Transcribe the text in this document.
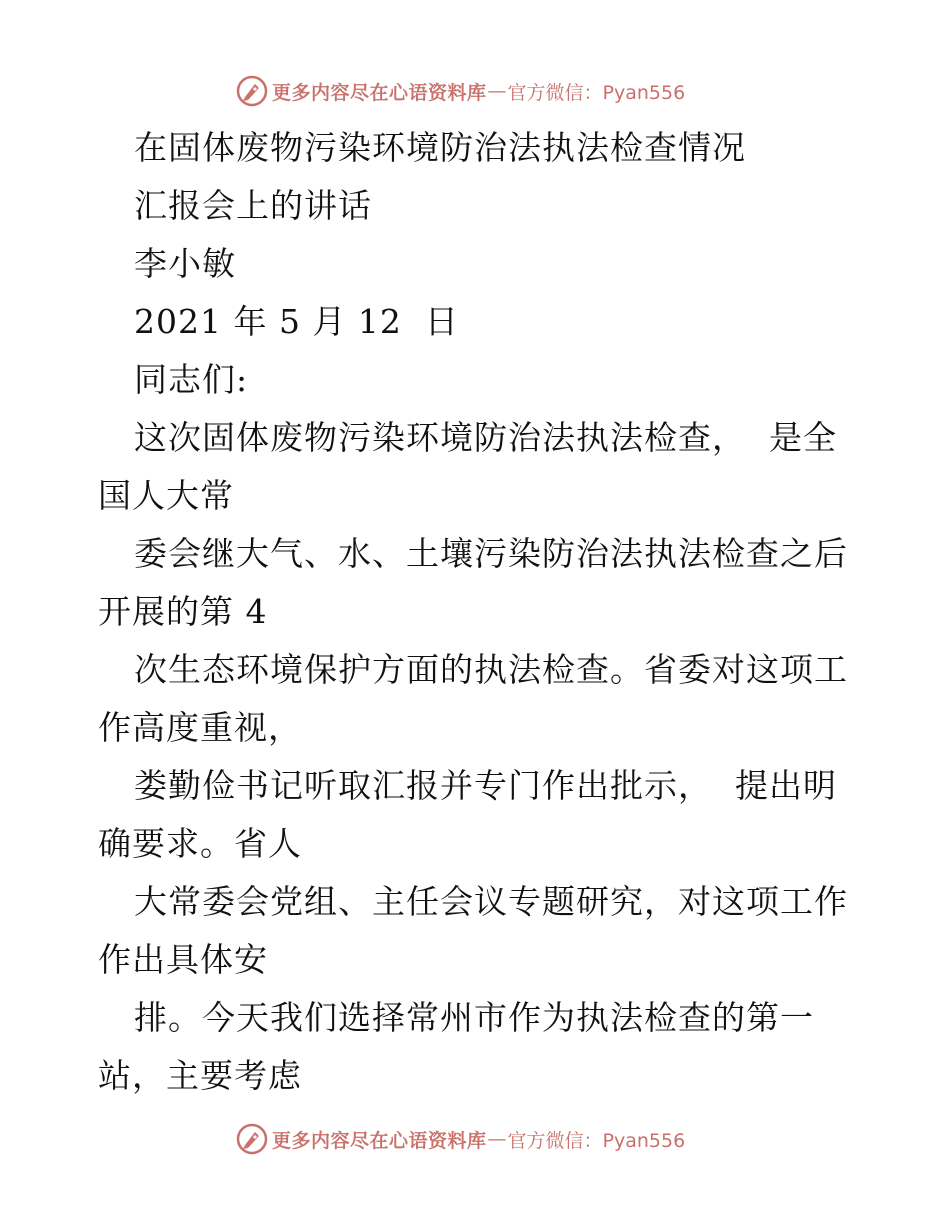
更多内容尽在心语资料库 — 官方微信：Pyan556
在固体废物污染环境防治法执法检查情况
汇报会上的讲话
李小敏
2021 年 5 月 12  日
同志们:
这次固体废物污染环境防治法执法检查，  是全
国人大常
委会继大气、水、土壤污染防治法执法检查之后
开展的第 4
次生态环境保护方面的执法检查。省委对这项工
作高度重视，
娄勤俭书记听取汇报并专门作出批示，  提出明
确要求。省人
大常委会党组、主任会议专题研究，对这项工作
作出具体安
排。今天我们选择常州市作为执法检查的第一
站，主要考虑
更多内容尽在心语资料库 — 官方微信：Pyan556
